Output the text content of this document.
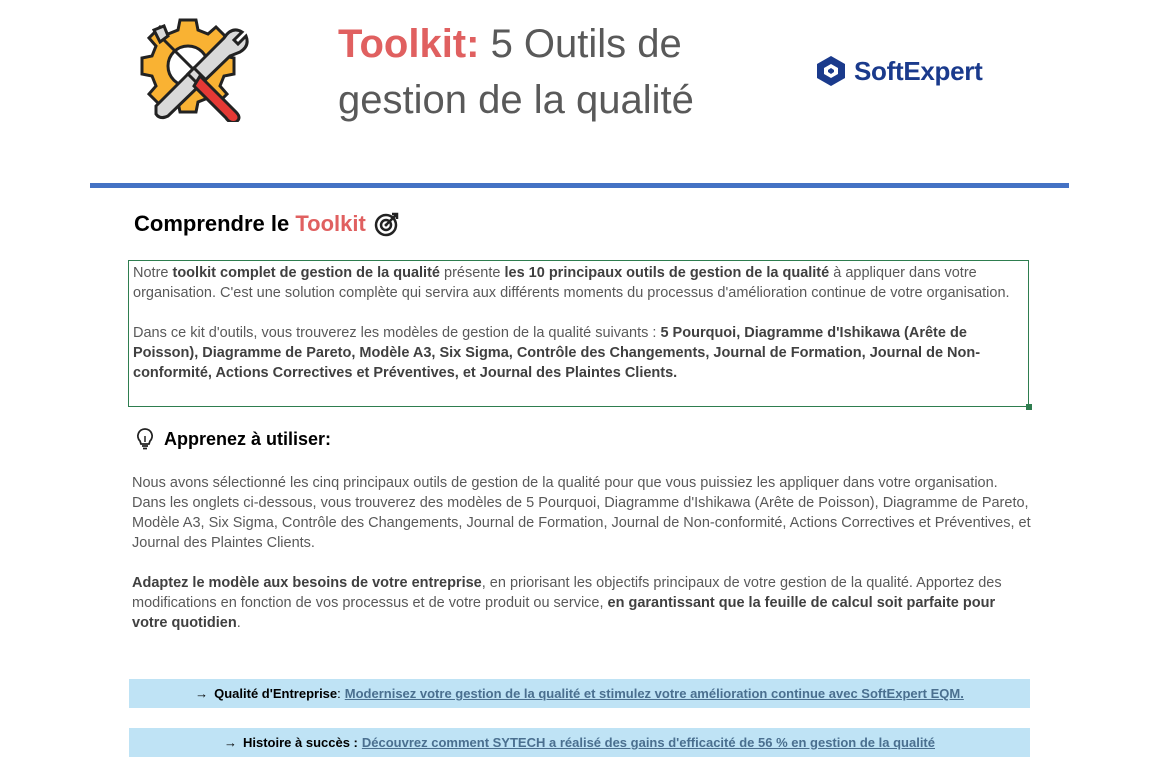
Toolkit: 5 Outils de
gestion de la qualité
SoftExpert
Comprendre le Toolkit

Notre toolkit complet de gestion de la qualité présente les 10 principaux outils de gestion de la qualité à appliquer dans votre organisation. C'est une solution complète qui servira aux différents moments du processus d'amélioration continue de votre organisation.

Dans ce kit d'outils, vous trouverez les modèles de gestion de la qualité suivants : 5 Pourquoi, Diagramme d'Ishikawa (Arête de Poisson), Diagramme de Pareto, Modèle A3, Six Sigma, Contrôle des Changements, Journal de Formation, Journal de Non-conformité, Actions Correctives et Préventives, et Journal des Plaintes Clients.

Apprenez à utiliser:

Nous avons sélectionné les cinq principaux outils de gestion de la qualité pour que vous puissiez les appliquer dans votre organisation. Dans les onglets ci-dessous, vous trouverez des modèles de 5 Pourquoi, Diagramme d'Ishikawa (Arête de Poisson), Diagramme de Pareto, Modèle A3, Six Sigma, Contrôle des Changements, Journal de Formation, Journal de Non-conformité, Actions Correctives et Préventives, et Journal des Plaintes Clients.

Adaptez le modèle aux besoins de votre entreprise, en priorisant les objectifs principaux de votre gestion de la qualité. Apportez des modifications en fonction de vos processus et de votre produit ou service, en garantissant que la feuille de calcul soit parfaite pour votre quotidien.

→ Qualité d'Entreprise : Modernisez votre gestion de la qualité et stimulez votre amélioration continue avec SoftExpert EQM.
→ Histoire à succès : Découvrez comment SYTECH a réalisé des gains d'efficacité de 56 % en gestion de la qualité
